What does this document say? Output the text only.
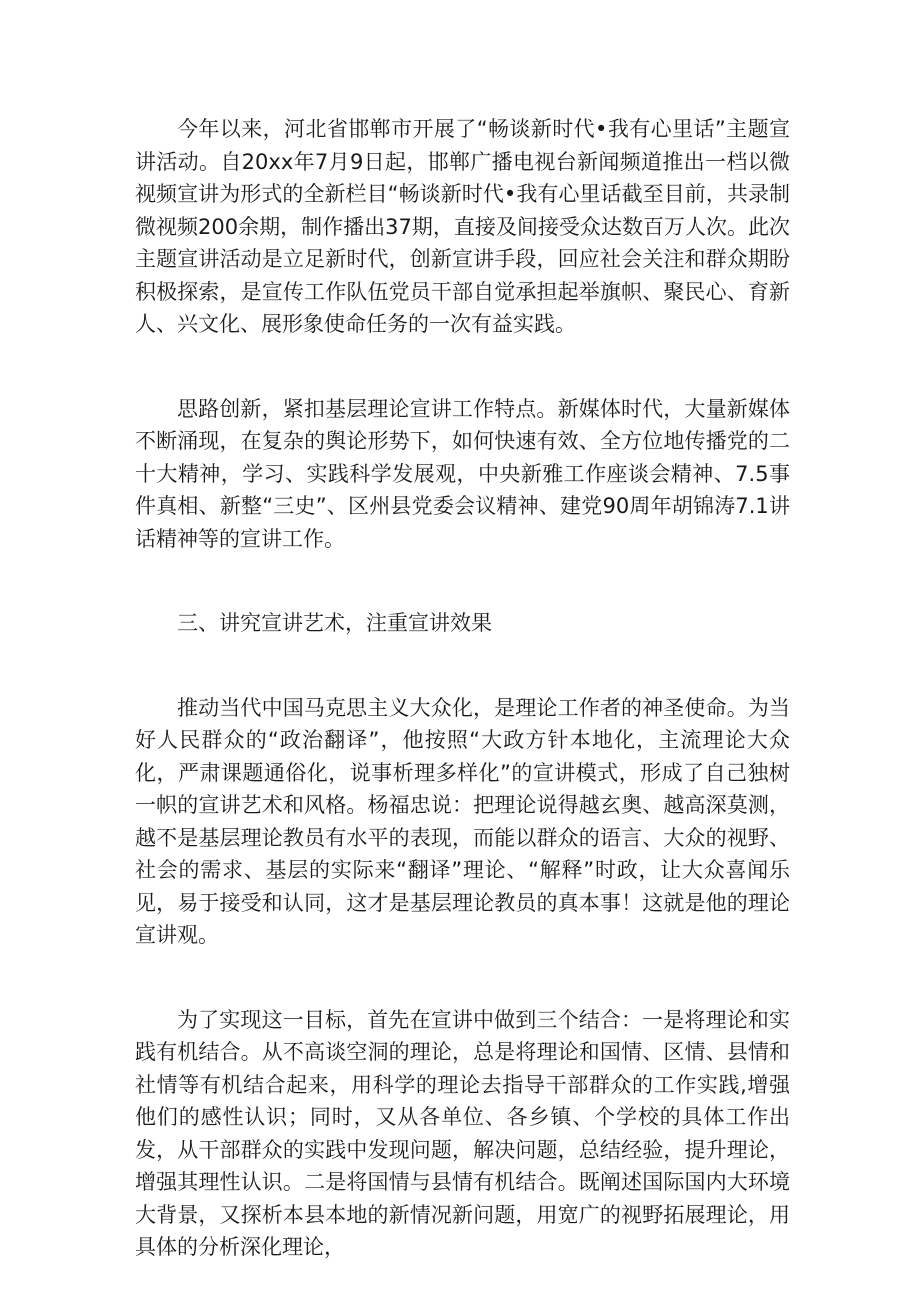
今年以来，河北省邯郸市开展了“畅谈新时代•我有心里话”主题宣讲活动。自20xx年7月9日起，邯郸广播电视台新闻频道推出一档以微视频宣讲为形式的全新栏目“畅谈新时代•我有心里话截至目前，共录制微视频200余期，制作播出37期，直接及间接受众达数百万人次。此次主题宣讲活动是立足新时代，创新宣讲手段，回应社会关注和群众期盼积极探索，是宣传工作队伍党员干部自觉承担起举旗帜、聚民心、育新人、兴文化、展形象使命任务的一次有益实践。

思路创新，紧扣基层理论宣讲工作特点。新媒体时代，大量新媒体不断涌现，在复杂的舆论形势下，如何快速有效、全方位地传播党的二十大精神，学习、实践科学发展观，中央新雅工作座谈会精神、7.5事件真相、新整“三史”、区州县党委会议精神、建党90周年胡锦涛7.1讲话精神等的宣讲工作。

三、讲究宣讲艺术，注重宣讲效果

推动当代中国马克思主义大众化，是理论工作者的神圣使命。为当好人民群众的“政治翻译”，他按照“大政方针本地化，主流理论大众化，严肃课题通俗化，说事析理多样化”的宣讲模式，形成了自己独树一帜的宣讲艺术和风格。杨福忠说：把理论说得越玄奥、越高深莫测，越不是基层理论教员有水平的表现，而能以群众的语言、大众的视野、社会的需求、基层的实际来“翻译”理论、“解释”时政，让大众喜闻乐见，易于接受和认同，这才是基层理论教员的真本事！这就是他的理论宣讲观。

为了实现这一目标，首先在宣讲中做到三个结合：一是将理论和实践有机结合。从不高谈空洞的理论，总是将理论和国情、区情、县情和社情等有机结合起来，用科学的理论去指导干部群众的工作实践,增强他们的感性认识；同时，又从各单位、各乡镇、个学校的具体工作出发，从干部群众的实践中发现问题，解决问题，总结经验，提升理论，增强其理性认识。二是将国情与县情有机结合。既阐述国际国内大环境大背景，又探析本县本地的新情况新问题，用宽广的视野拓展理论，用具体的分析深化理论，
